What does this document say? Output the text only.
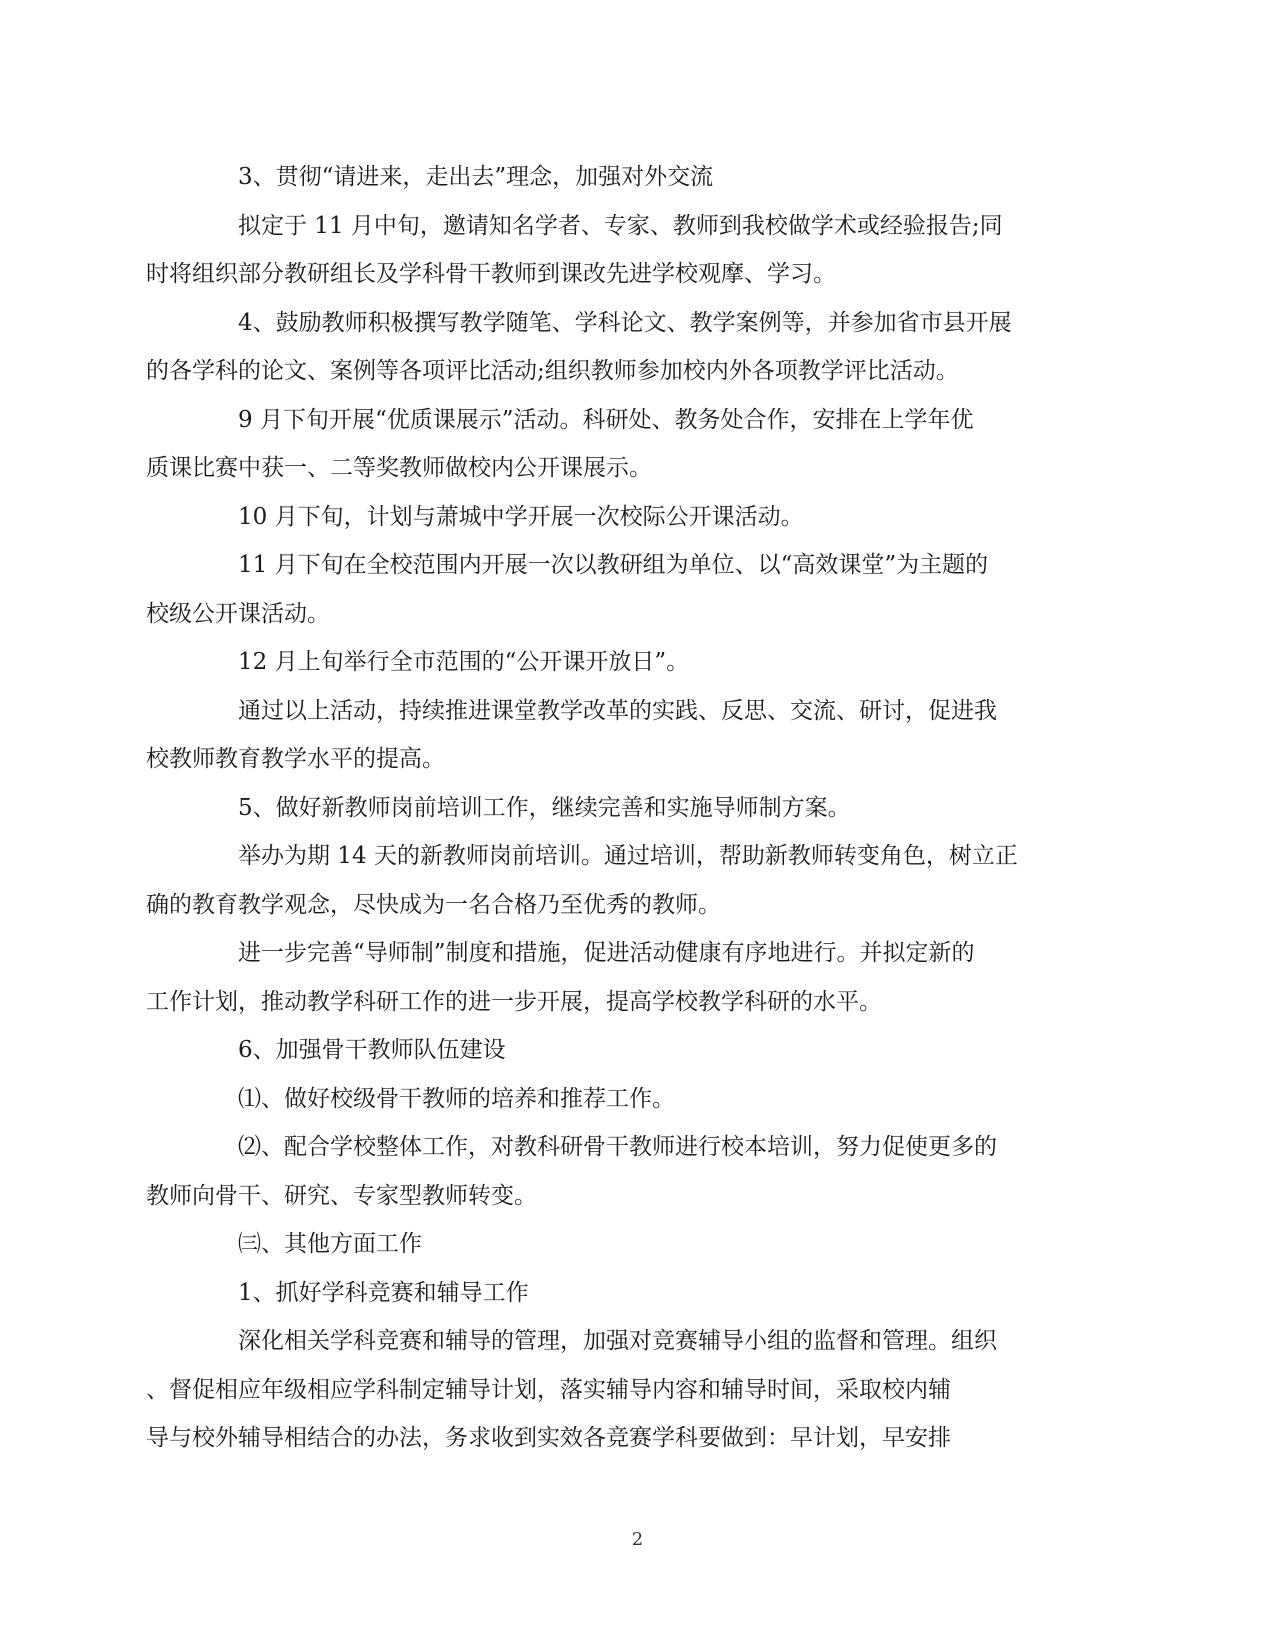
3、贯彻“请进来，走出去”理念，加强对外交流

拟定于 11 月中旬，邀请知名学者、专家、教师到我校做学术或经验报告;同
时将组织部分教研组长及学科骨干教师到课改先进学校观摩、学习。

4、鼓励教师积极撰写教学随笔、学科论文、教学案例等，并参加省市县开展
的各学科的论文、案例等各项评比活动;组织教师参加校内外各项教学评比活动。

9 月下旬开展“优质课展示”活动。科研处、教务处合作，安排在上学年优
质课比赛中获一、二等奖教师做校内公开课展示。

10 月下旬，计划与萧城中学开展一次校际公开课活动。

11 月下旬在全校范围内开展一次以教研组为单位、以“高效课堂”为主题的
校级公开课活动。

12 月上旬举行全市范围的“公开课开放日”。

通过以上活动，持续推进课堂教学改革的实践、反思、交流、研讨，促进我
校教师教育教学水平的提高。

5、做好新教师岗前培训工作，继续完善和实施导师制方案。

举办为期 14 天的新教师岗前培训。通过培训，帮助新教师转变角色，树立正
确的教育教学观念，尽快成为一名合格乃至优秀的教师。

进一步完善“导师制”制度和措施，促进活动健康有序地进行。并拟定新的
工作计划，推动教学科研工作的进一步开展，提高学校教学科研的水平。

6、加强骨干教师队伍建设

⑴、做好校级骨干教师的培养和推荐工作。

⑵、配合学校整体工作，对教科研骨干教师进行校本培训，努力促使更多的
教师向骨干、研究、专家型教师转变。

㈢、其他方面工作

1、抓好学科竞赛和辅导工作

深化相关学科竞赛和辅导的管理，加强对竞赛辅导小组的监督和管理。组织
、督促相应年级相应学科制定辅导计划，落实辅导内容和辅导时间，采取校内辅
导与校外辅导相结合的办法，务求收到实效各竞赛学科要做到：早计划，早安排

2
